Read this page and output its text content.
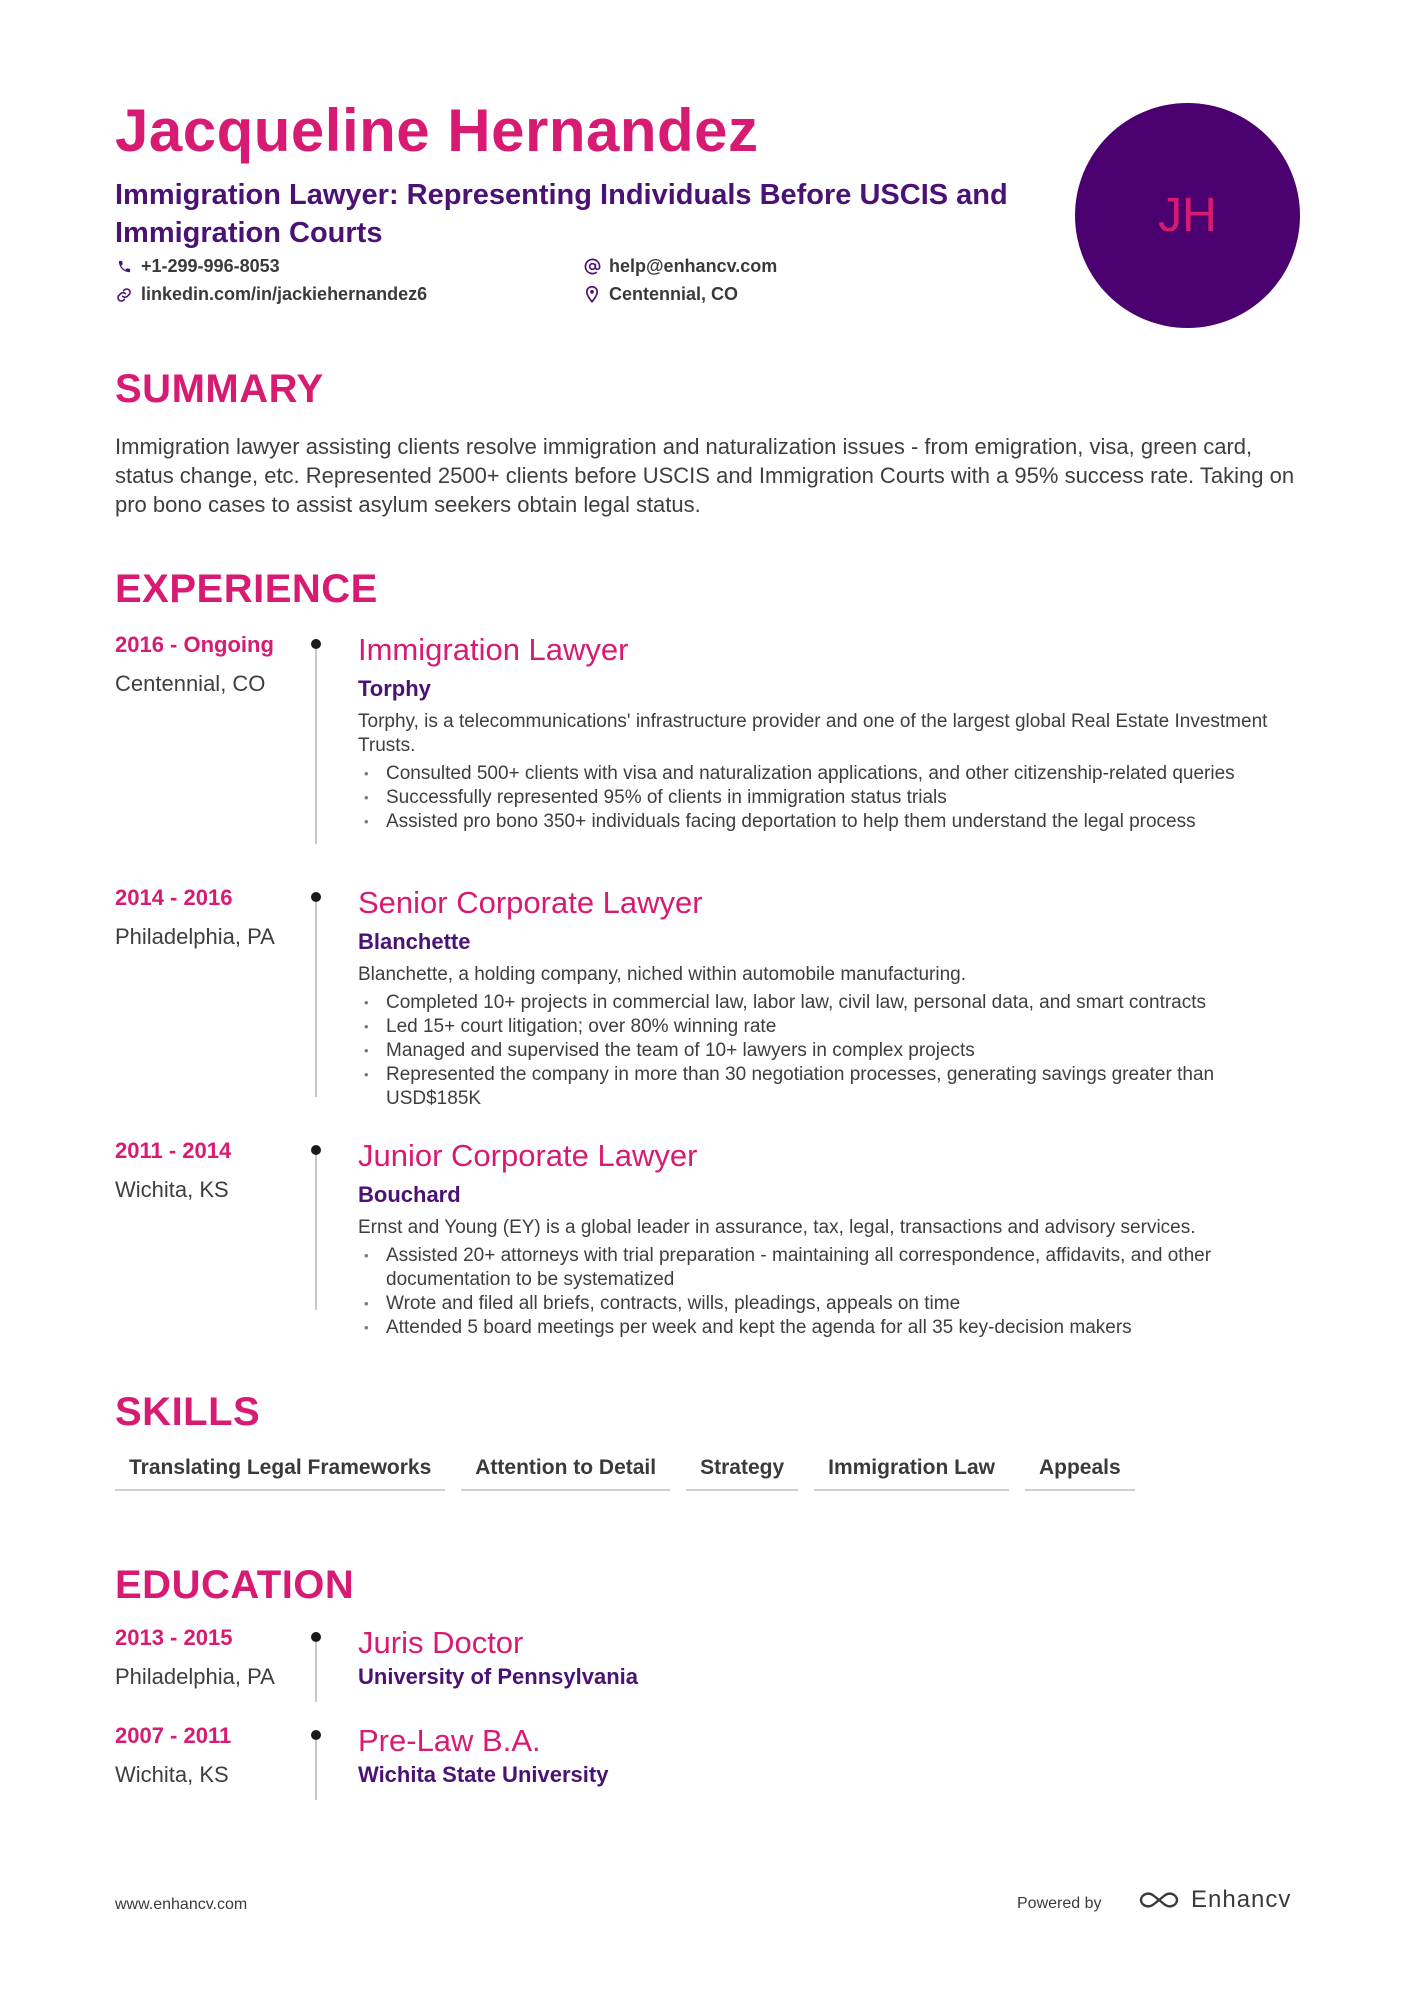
Jacqueline Hernandez
Immigration Lawyer: Representing Individuals Before USCIS and Immigration Courts
+1-299-996-8053	help@enhancv.com
linkedin.com/in/jackiehernandez6	Centennial, CO
JH
SUMMARY
Immigration lawyer assisting clients resolve immigration and naturalization issues - from emigration, visa, green card, status change, etc. Represented 2500+ clients before USCIS and Immigration Courts with a 95% success rate. Taking on pro bono cases to assist asylum seekers obtain legal status.
EXPERIENCE
2016 - Ongoing
Centennial, CO
Immigration Lawyer
Torphy
Torphy, is a telecommunications' infrastructure provider and one of the largest global Real Estate Investment Trusts.
• Consulted 500+ clients with visa and naturalization applications, and other citizenship-related queries
• Successfully represented 95% of clients in immigration status trials
• Assisted pro bono 350+ individuals facing deportation to help them understand the legal process
2014 - 2016
Philadelphia, PA
Senior Corporate Lawyer
Blanchette
Blanchette, a holding company, niched within automobile manufacturing.
• Completed 10+ projects in commercial law, labor law, civil law, personal data, and smart contracts
• Led 15+ court litigation; over 80% winning rate
• Managed and supervised the team of 10+ lawyers in complex projects
• Represented the company in more than 30 negotiation processes, generating savings greater than USD$185K
2011 - 2014
Wichita, KS
Junior Corporate Lawyer
Bouchard
Ernst and Young (EY) is a global leader in assurance, tax, legal, transactions and advisory services.
• Assisted 20+ attorneys with trial preparation - maintaining all correspondence, affidavits, and other documentation to be systematized
• Wrote and filed all briefs, contracts, wills, pleadings, appeals on time
• Attended 5 board meetings per week and kept the agenda for all 35 key-decision makers
SKILLS
Translating Legal Frameworks	Attention to Detail	Strategy	Immigration Law	Appeals
EDUCATION
2013 - 2015
Philadelphia, PA
Juris Doctor
University of Pennsylvania
2007 - 2011
Wichita, KS
Pre-Law B.A.
Wichita State University
www.enhancv.com	Powered by	Enhancv
